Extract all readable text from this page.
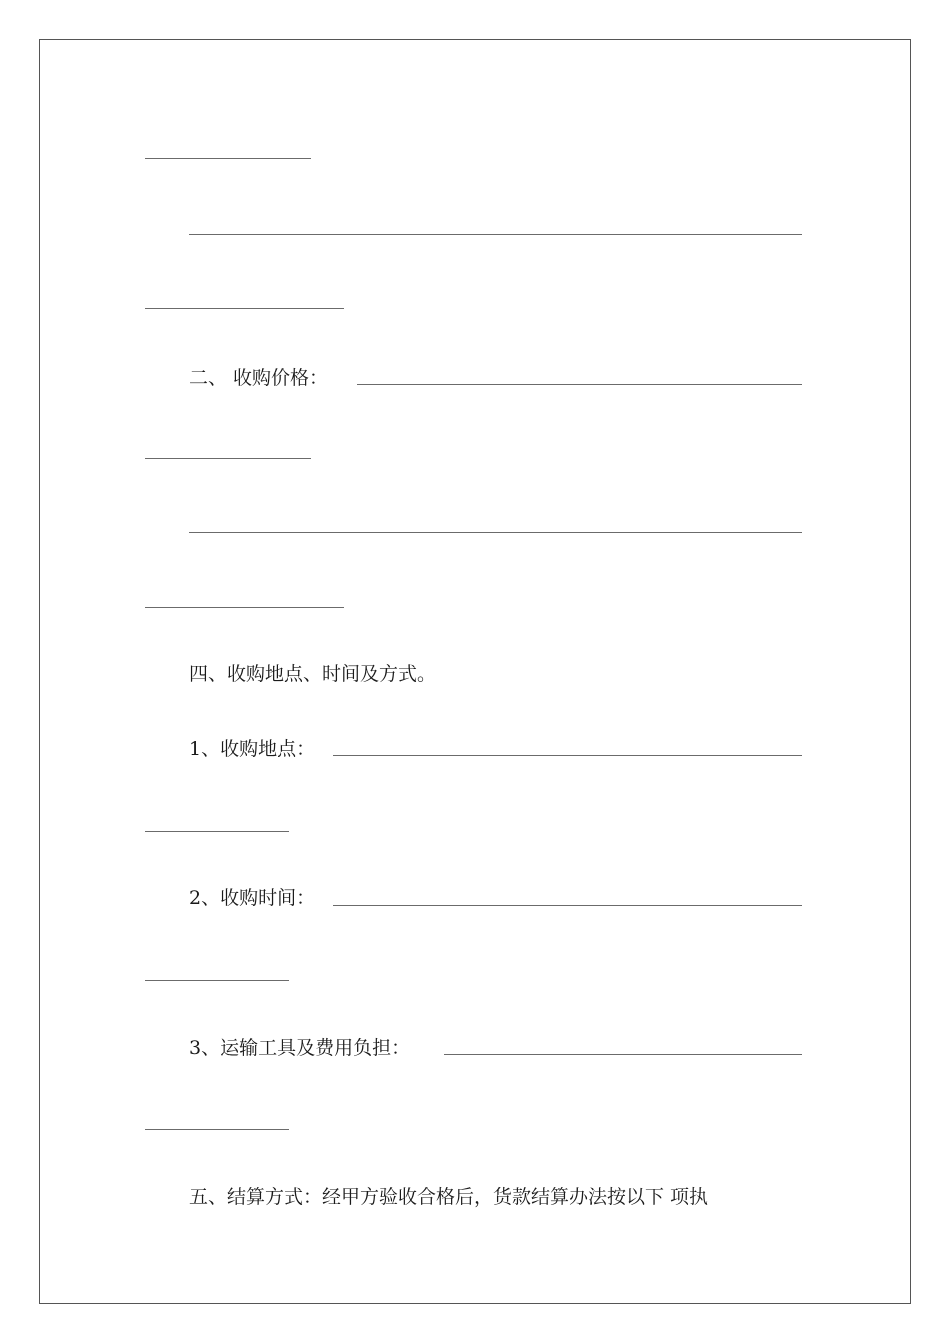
二、 收购价格：
四、收购地点、时间及方式。
1、收购地点：
2、收购时间：
3、运输工具及费用负担：
五、结算方式：经甲方验收合格后，货款结算办法按以下 项执
